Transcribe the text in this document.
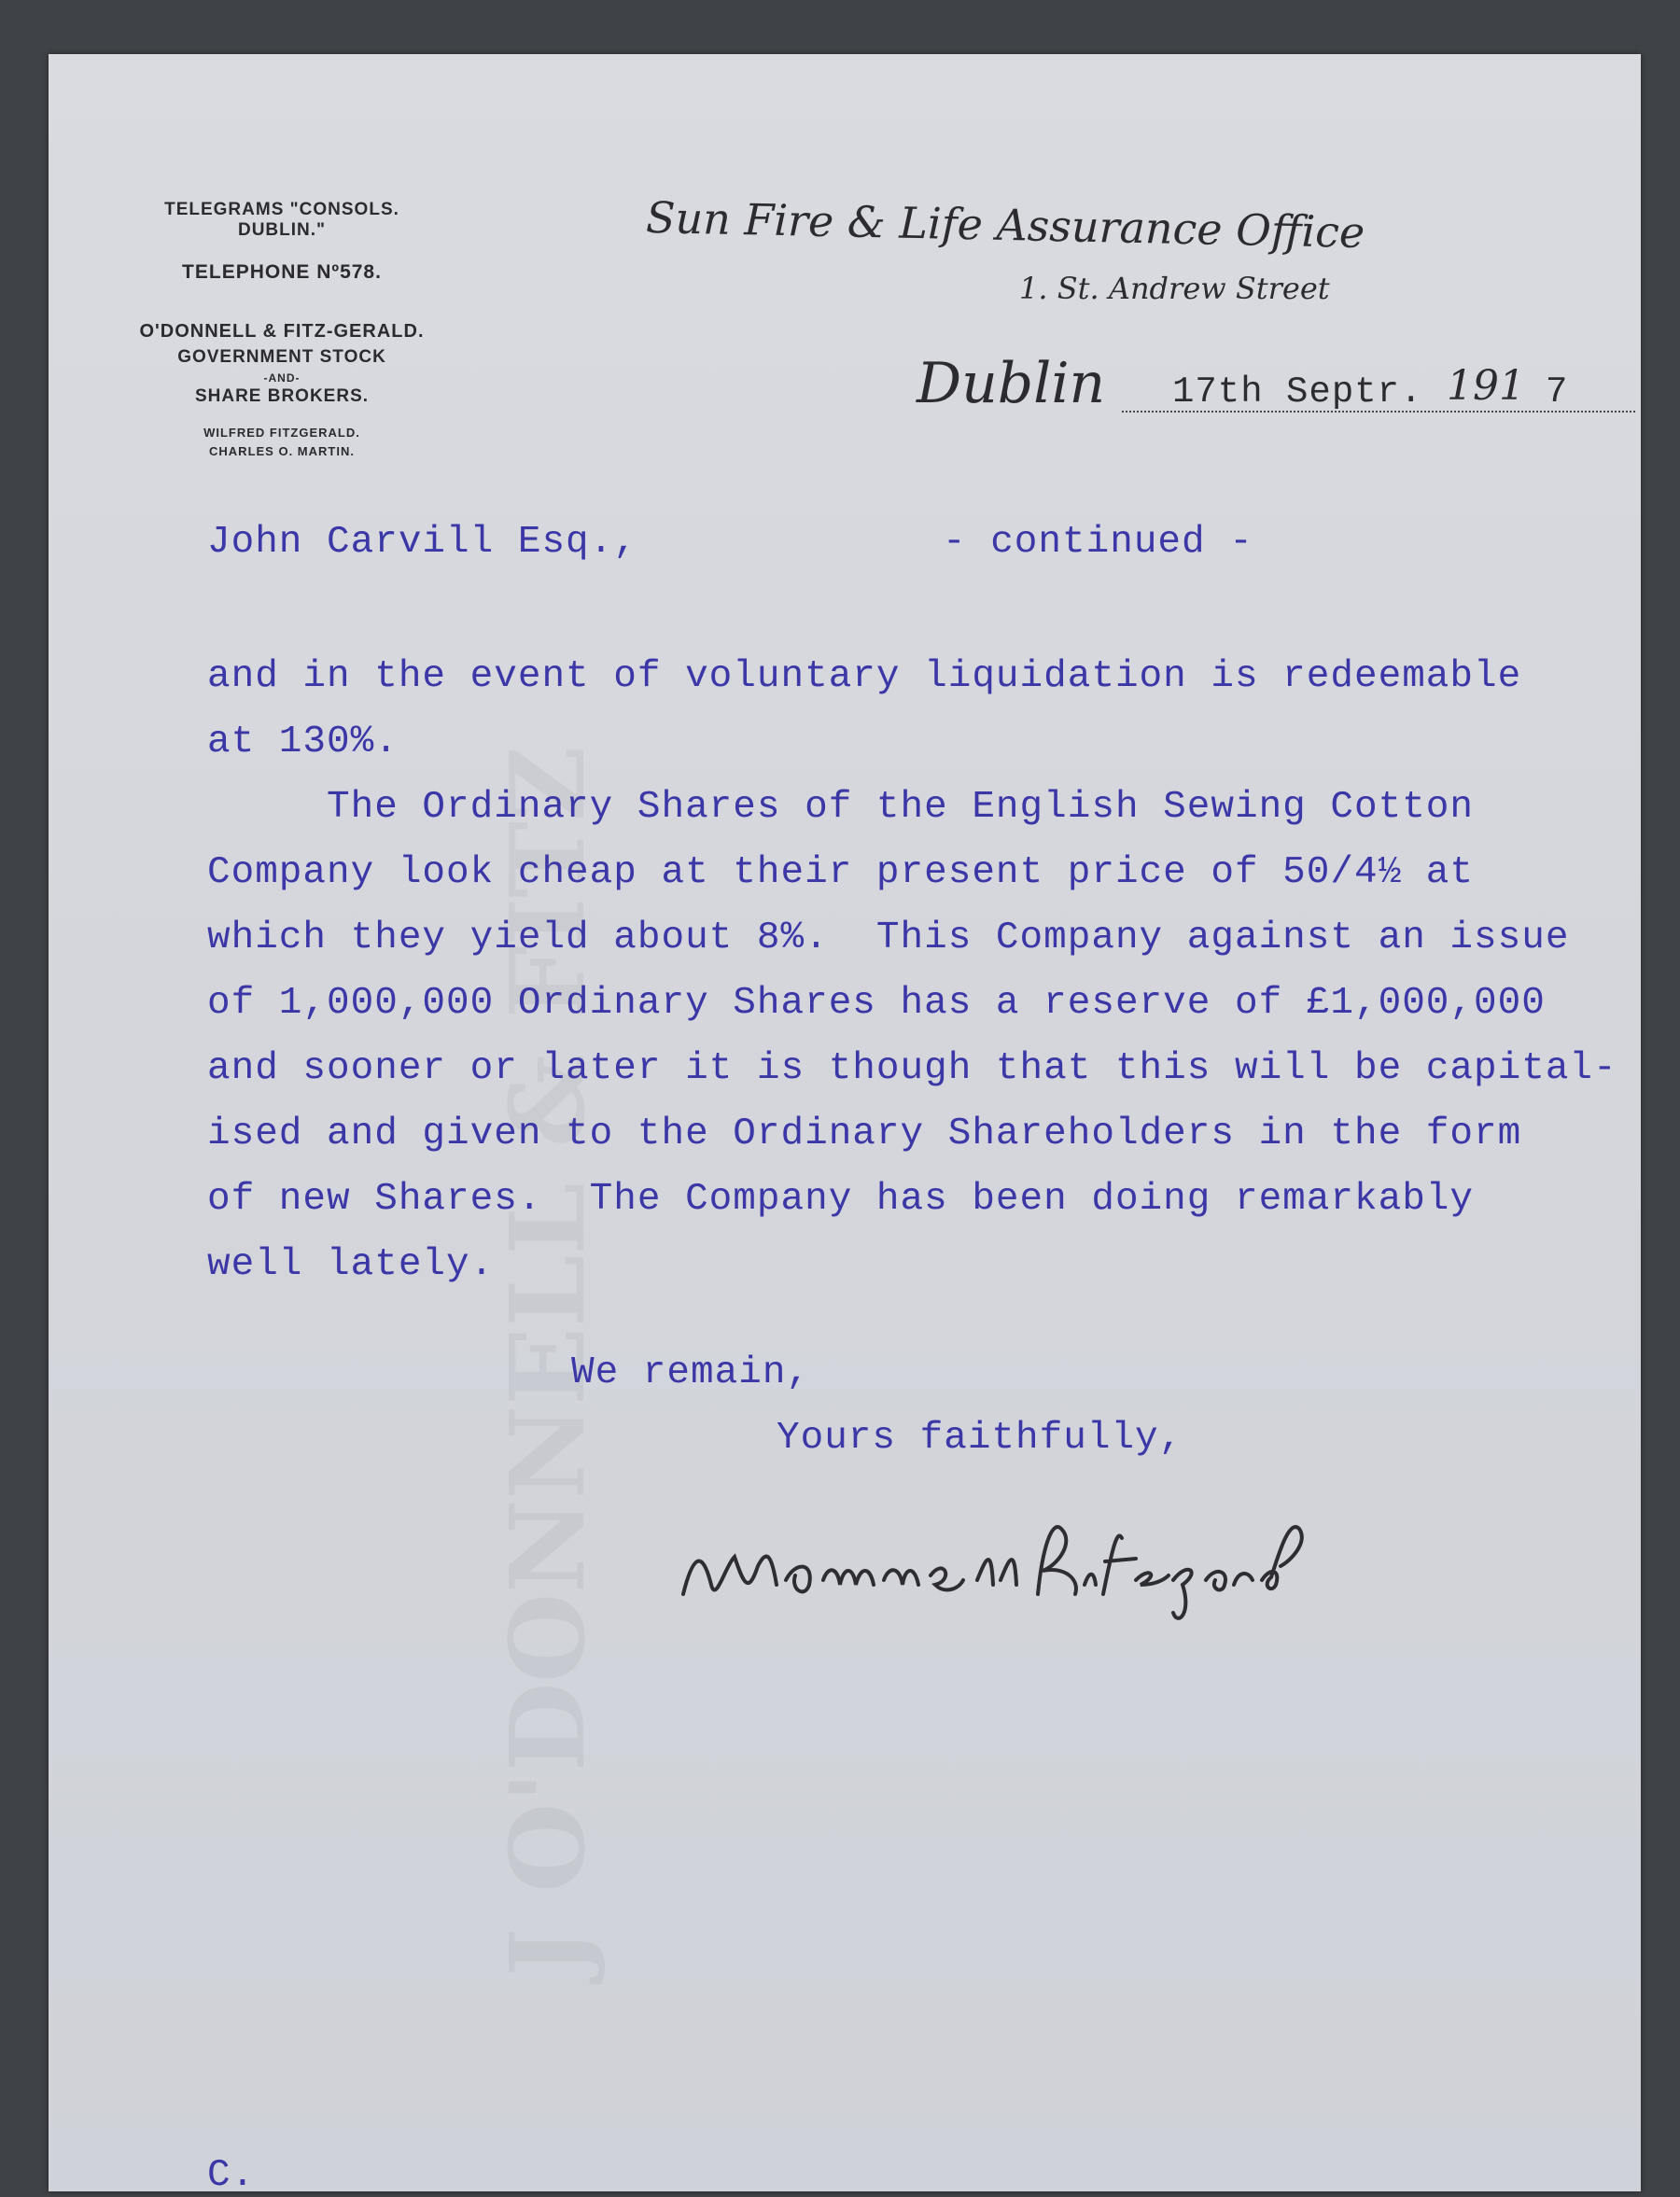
J O'DONNELL & FITZ
TELEGRAMS "CONSOLS. DUBLIN."
TELEPHONE Nº578.
O'DONNELL & FITZ-GERALD.
GOVERNMENT STOCK
-AND-
SHARE BROKERS.
WILFRED FITZGERALD.
CHARLES O. MARTIN.
Sun Fire & Life Assurance Office
1. St. Andrew Street
Dublin 17th Septr. 191 7
John Carvill Esq.,	- continued -
and in the event of voluntary liquidation is redeemable
at 130%.
The Ordinary Shares of the English Sewing Cotton
Company look cheap at their present price of 50/4½ at
which they yield about 8%.  This Company against an issue
of 1,000,000 Ordinary Shares has a reserve of £1,000,000
and sooner or later it is though that this will be capital-
ised and given to the Ordinary Shareholders in the form
of new Shares.  The Company has been doing remarkably
well lately.
We remain,
Yours faithfully,
C.
